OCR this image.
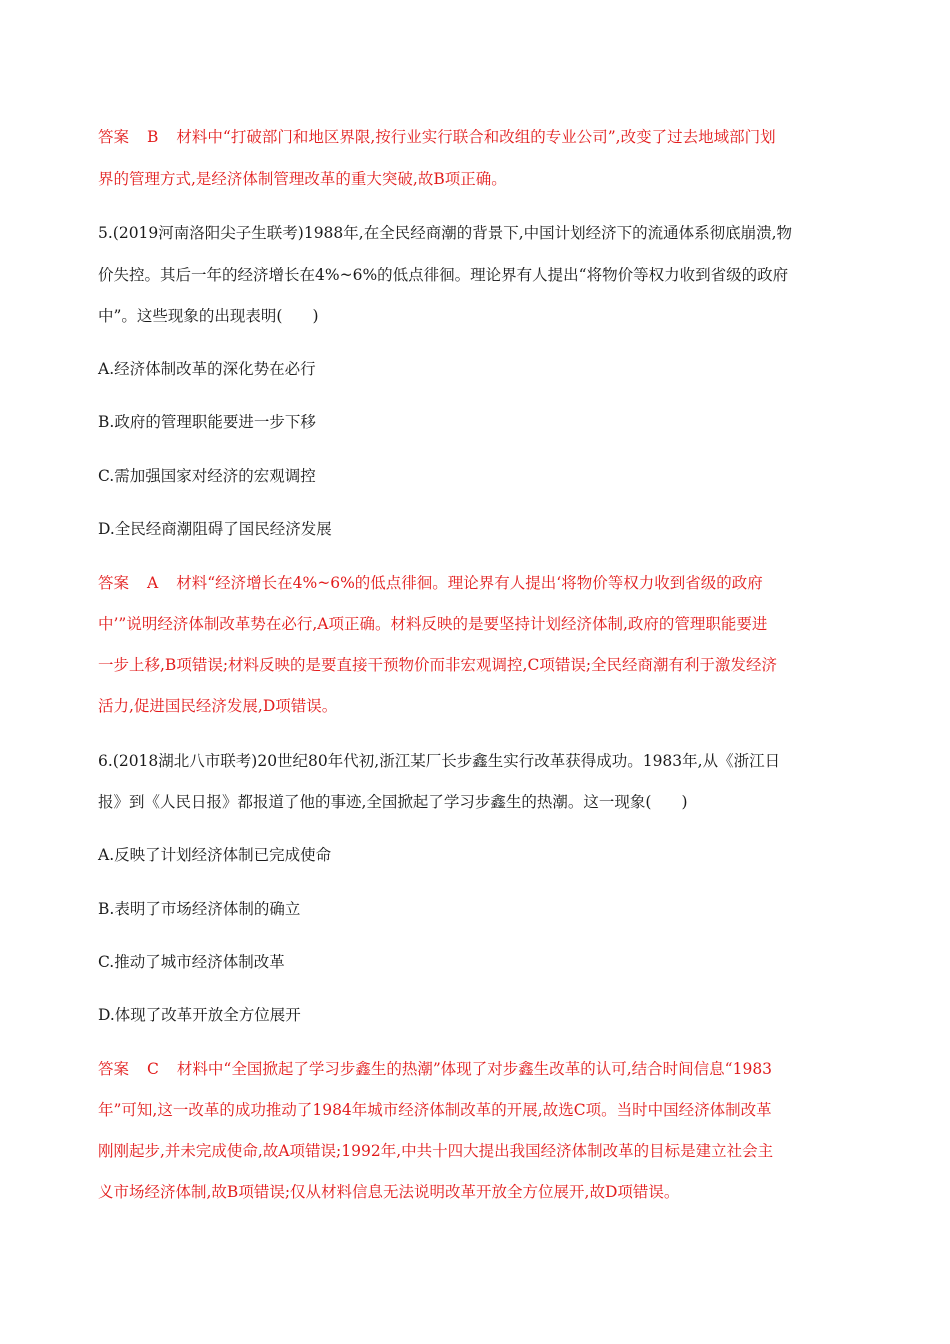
答案 B 材料中“打破部门和地区界限,按行业实行联合和改组的专业公司”,改变了过去地域部门划
界的管理方式,是经济体制管理改革的重大突破,故B项正确。
5.(2019河南洛阳尖子生联考)1988年,在全民经商潮的背景下,中国计划经济下的流通体系彻底崩溃,物
价失控。其后一年的经济增长在4%~6%的低点徘徊。理论界有人提出“将物价等权力收到省级的政府
中”。这些现象的出现表明( )
A.经济体制改革的深化势在必行
B.政府的管理职能要进一步下移
C.需加强国家对经济的宏观调控
D.全民经商潮阻碍了国民经济发展
答案 A 材料“经济增长在4%~6%的低点徘徊。理论界有人提出‘将物价等权力收到省级的政府
中’”说明经济体制改革势在必行,A项正确。材料反映的是要坚持计划经济体制,政府的管理职能要进
一步上移,B项错误;材料反映的是要直接干预物价而非宏观调控,C项错误;全民经商潮有利于激发经济
活力,促进国民经济发展,D项错误。
6.(2018湖北八市联考)20世纪80年代初,浙江某厂长步鑫生实行改革获得成功。1983年,从《浙江日
报》到《人民日报》都报道了他的事迹,全国掀起了学习步鑫生的热潮。这一现象( )
A.反映了计划经济体制已完成使命
B.表明了市场经济体制的确立
C.推动了城市经济体制改革
D.体现了改革开放全方位展开
答案 C 材料中“全国掀起了学习步鑫生的热潮”体现了对步鑫生改革的认可,结合时间信息“1983
年”可知,这一改革的成功推动了1984年城市经济体制改革的开展,故选C项。当时中国经济体制改革
刚刚起步,并未完成使命,故A项错误;1992年,中共十四大提出我国经济体制改革的目标是建立社会主
义市场经济体制,故B项错误;仅从材料信息无法说明改革开放全方位展开,故D项错误。
